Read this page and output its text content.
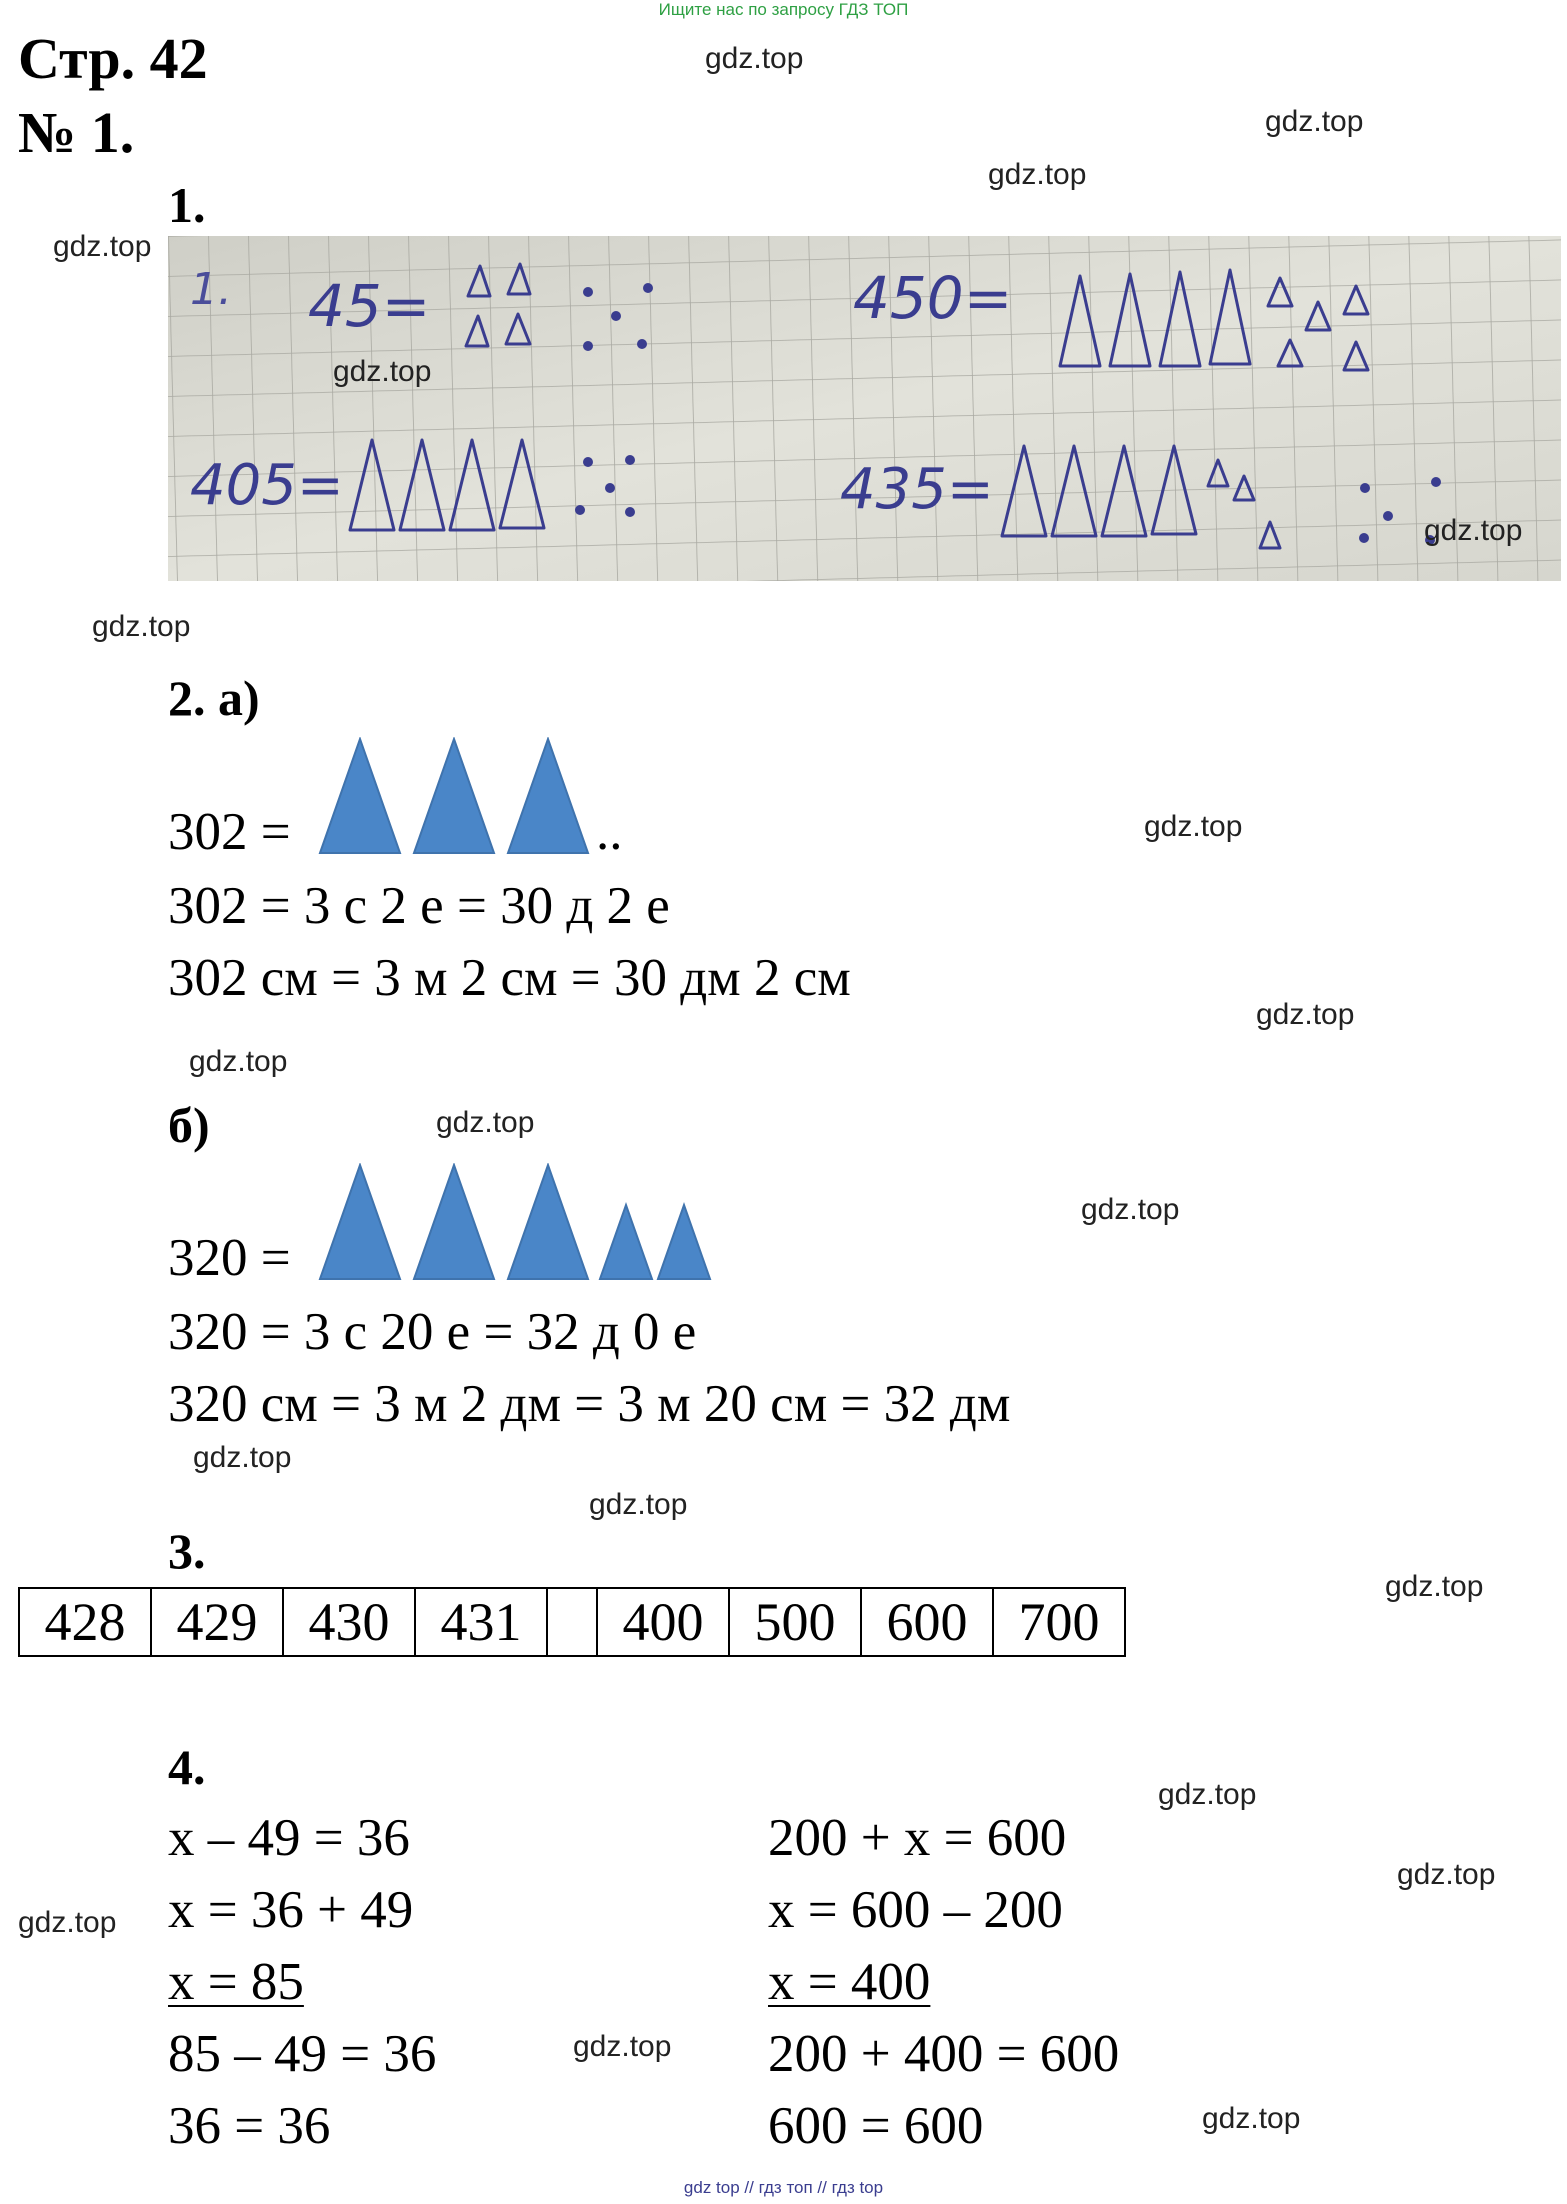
Ищите нас по запросу ГДЗ ТОП
Стр. 42
№ 1.
1.
1. 45=	450=
405=	435=
2. а)
302 =	..
302 = 3 с 2 е = 30 д 2 е
302 см = 3 м 2 см = 30 дм 2 см
б)
320 =
320 = 3 с 20 е = 32 д 0 е
320 см = 3 м 2 дм = 3 м 20 см = 32 дм
3.
428	429	430	431		400	500	600	700
4.
x – 49 = 36
x = 36 + 49
x = 85
85 – 49 = 36
36 = 36
200 + x = 600
x = 600 – 200
x = 400
200 + 400 = 600
600 = 600
gdz.top
gdz.top
gdz.top
gdz.top
gdz.top
gdz.top
gdz.top
gdz.top
gdz.top
gdz.top
gdz.top
gdz.top
gdz.top
gdz.top
gdz.top
gdz.top
gdz.top
gdz.top
gdz.top
gdz.top
gdz top // гдз топ // гдз top
